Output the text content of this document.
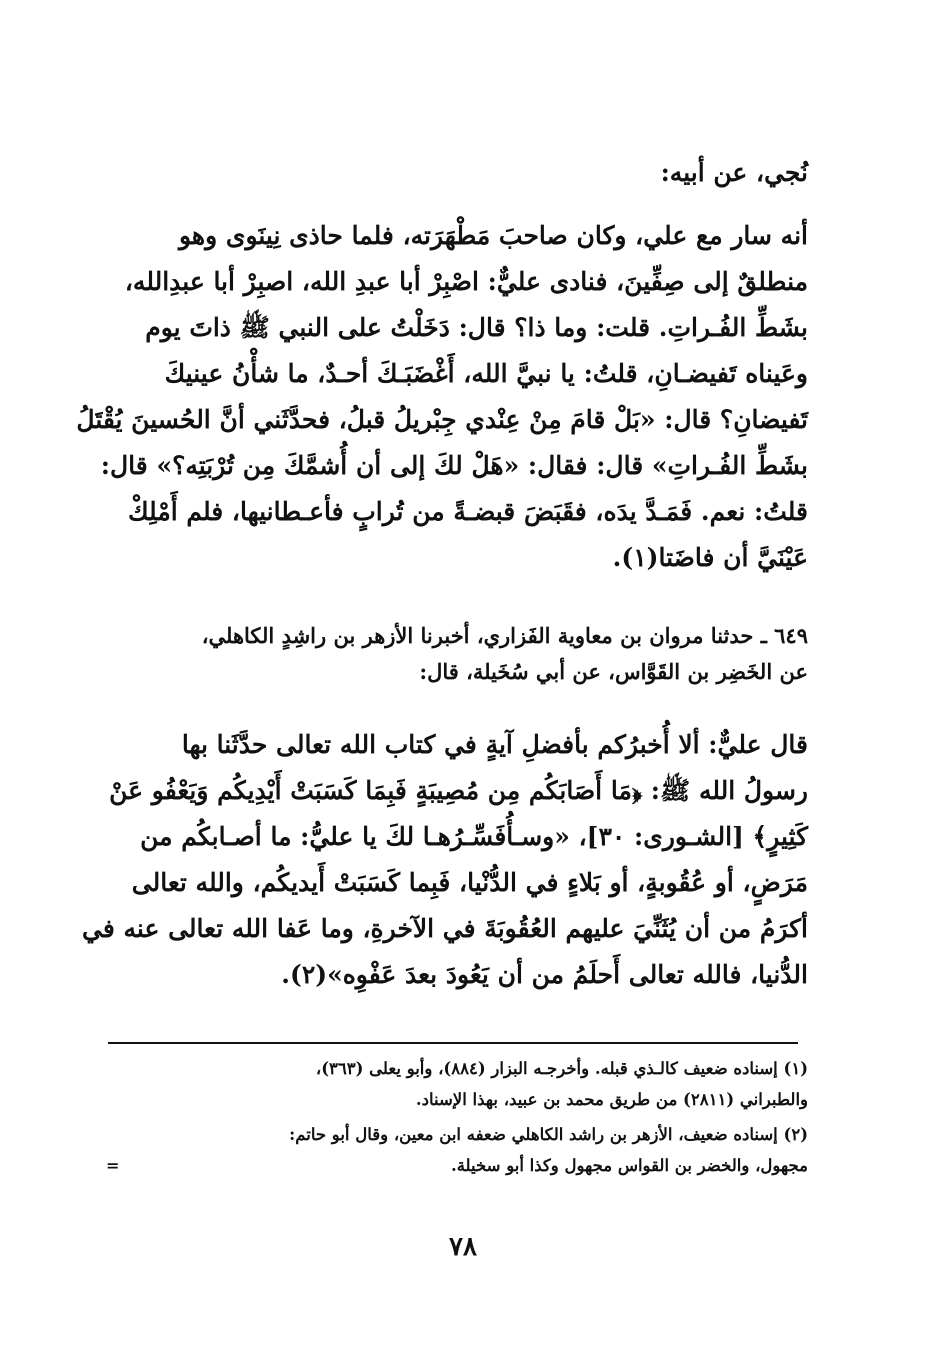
نُجي، عن أبيه:
أنه سار مع علي، وكان صاحبَ مَطْهَرَته، فلما حاذى نِينَوى وهو
منطلقٌ إلى صِفِّينَ، فنادى عليٌّ: اصْبِرْ أبا عبدِ الله، اصبِرْ أبا عبدِالله،
بشَطِّ الفُـراتِ. قلت: وما ذا؟ قال: دَخَلْتُ على النبي ﷺ ذاتَ يوم
وعَيناه تَفيضـانِ، قلتُ: يا نبيَّ الله، أَغْضَبَـكَ أحـدٌ، ما شأْنُ عينيكَ
تَفيضانِ؟ قال: «بَلْ قامَ مِنْ عِنْدي جِبْريلُ قبلُ، فحدَّثَني أنَّ الحُسينَ يُقْتَلُ
بشَطِّ الفُـراتِ» قال: فقال: «هَلْ لكَ إلى أن أُشمَّكَ مِن تُرْبَتِه؟» قال:
قلتُ: نعم. فَمَـدَّ يدَه، فقَبَضَ قبضـةً من تُرابٍ فأعـطانيها، فلم أَمْلِكْ
عَيْنَيَّ أن فاضَتا(١).
٦٤٩ ـ حدثنا مروان بن معاوية الفَزاري، أخبرنا الأزهر بن راشِدٍ الكاهلي،
عن الخَضِر بن القَوَّاس، عن أبي سُخَيلة، قال:
قال عليٌّ: ألا أُخبرُكم بأفضلِ آيةٍ في كتاب الله تعالى حدَّثَنا بها
رسولُ الله ﷺ: ﴿مَا أَصَابَكُم مِن مُصِيبَةٍ فَبِمَا كَسَبَتْ أَيْدِيكُم وَيَعْفُو عَنْ
كَثِيرٍ﴾ [الشـورى: ٣٠]، «وسـأُفَسِّـرُهـا لكَ يا عليُّ: ما أصـابكُم من
مَرَضٍ، أو عُقُوبةٍ، أو بَلاءٍ في الدُّنْيا، فَبِما كَسَبَتْ أَيديكُم، والله تعالى
أكرَمُ من أن يُثَنِّيَ عليهم العُقُوبَةَ في الآخرةِ، وما عَفا الله تعالى عنه في
الدُّنيا، فالله تعالى أَحلَمُ من أن يَعُودَ بعدَ عَفْوِه»(٢).
(١) إسناده ضعيف كالـذي قبله. وأخرجـه البزار (٨٨٤)، وأبو يعلى (٣٦٣)،
والطبراني (٢٨١١) من طريق محمد بن عبيد، بهذا الإسناد.
(٢) إسناده ضعيف، الأزهر بن راشد الكاهلي ضعفه ابن معين، وقال أبو حاتم:
مجهول، والخضر بن القواس مجهول وكذا أبو سخيلة.
=
٧٨
